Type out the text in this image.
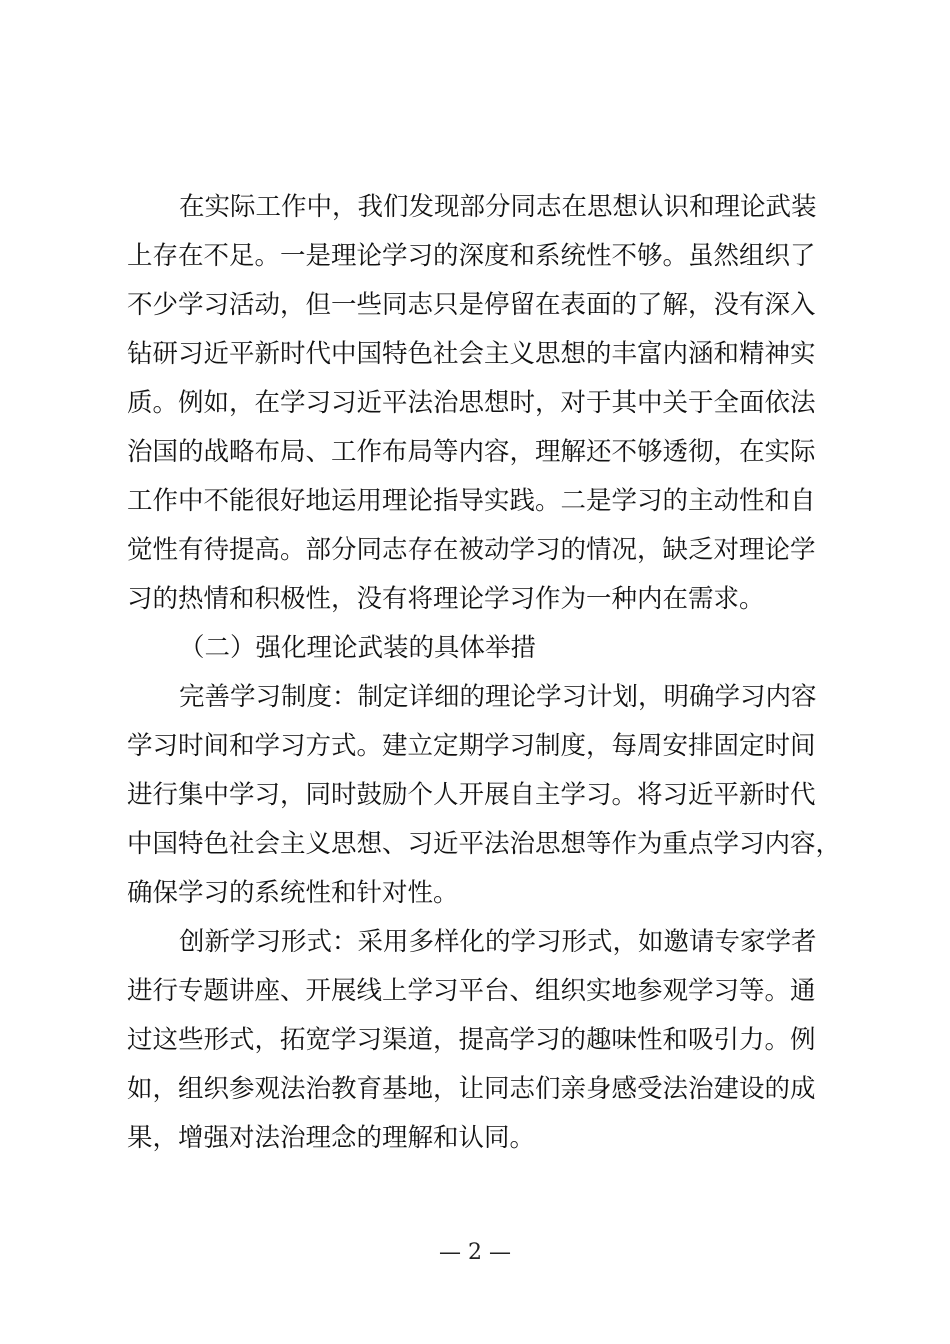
在实际工作中，我们发现部分同志在思想认识和理论武装
上存在不足。一是理论学习的深度和系统性不够。虽然组织了
不少学习活动，但一些同志只是停留在表面的了解，没有深入
钻研习近平新时代中国特色社会主义思想的丰富内涵和精神实
质。例如，在学习习近平法治思想时，对于其中关于全面依法
治国的战略布局、工作布局等内容，理解还不够透彻，在实际
工作中不能很好地运用理论指导实践。二是学习的主动性和自
觉性有待提高。部分同志存在被动学习的情况，缺乏对理论学
习的热情和积极性，没有将理论学习作为一种内在需求。
（二）强化理论武装的具体举措
完善学习制度：制定详细的理论学习计划，明确学习内容
学习时间和学习方式。建立定期学习制度，每周安排固定时间
进行集中学习，同时鼓励个人开展自主学习。将习近平新时代
中国特色社会主义思想、习近平法治思想等作为重点学习内容，
确保学习的系统性和针对性。
创新学习形式：采用多样化的学习形式，如邀请专家学者
进行专题讲座、开展线上学习平台、组织实地参观学习等。通
过这些形式，拓宽学习渠道，提高学习的趣味性和吸引力。例
如，组织参观法治教育基地，让同志们亲身感受法治建设的成
果，增强对法治理念的理解和认同。
— 2 —
